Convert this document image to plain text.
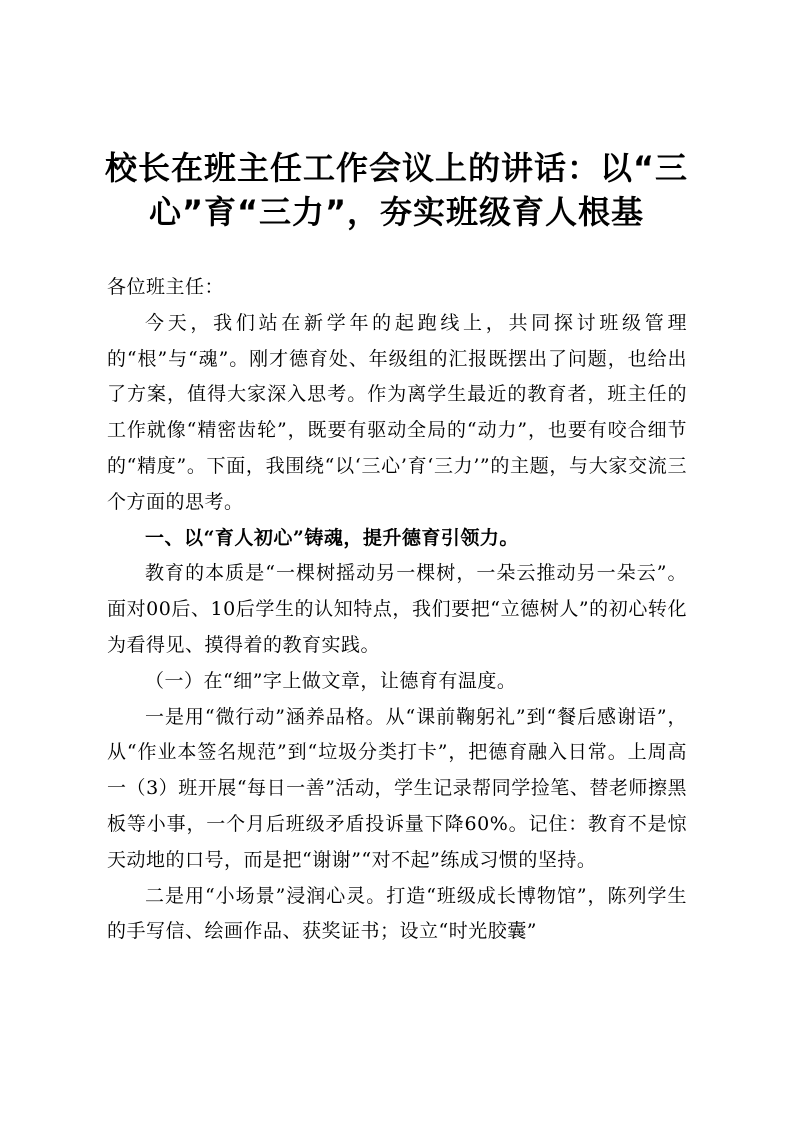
校长在班主任工作会议上的讲话：以“三
心”育“三力”，夯实班级育人根基

各位班主任：

今天，我们站在新学年的起跑线上，共同探讨班级管理的“根”与“魂”。刚才德育处、年级组的汇报既摆出了问题，也给出了方案，值得大家深入思考。作为离学生最近的教育者，班主任的工作就像“精密齿轮”，既要有驱动全局的“动力”，也要有咬合细节的“精度”。下面，我围绕“以‘三心’育‘三力’”的主题，与大家交流三个方面的思考。

一、以“育人初心”铸魂，提升德育引领力。

教育的本质是“一棵树摇动另一棵树，一朵云推动另一朵云”。面对00后、10后学生的认知特点，我们要把“立德树人”的初心转化为看得见、摸得着的教育实践。

（一）在“细”字上做文章，让德育有温度。

一是用“微行动”涵养品格。从“课前鞠躬礼”到“餐后感谢语”，从“作业本签名规范”到“垃圾分类打卡”，把德育融入日常。上周高一（3）班开展“每日一善”活动，学生记录帮同学捡笔、替老师擦黑板等小事，一个月后班级矛盾投诉量下降60%。记住：教育不是惊天动地的口号，而是把“谢谢”“对不起”练成习惯的坚持。

二是用“小场景”浸润心灵。打造“班级成长博物馆”，陈列学生的手写信、绘画作品、获奖证书；设立“时光胶囊”
